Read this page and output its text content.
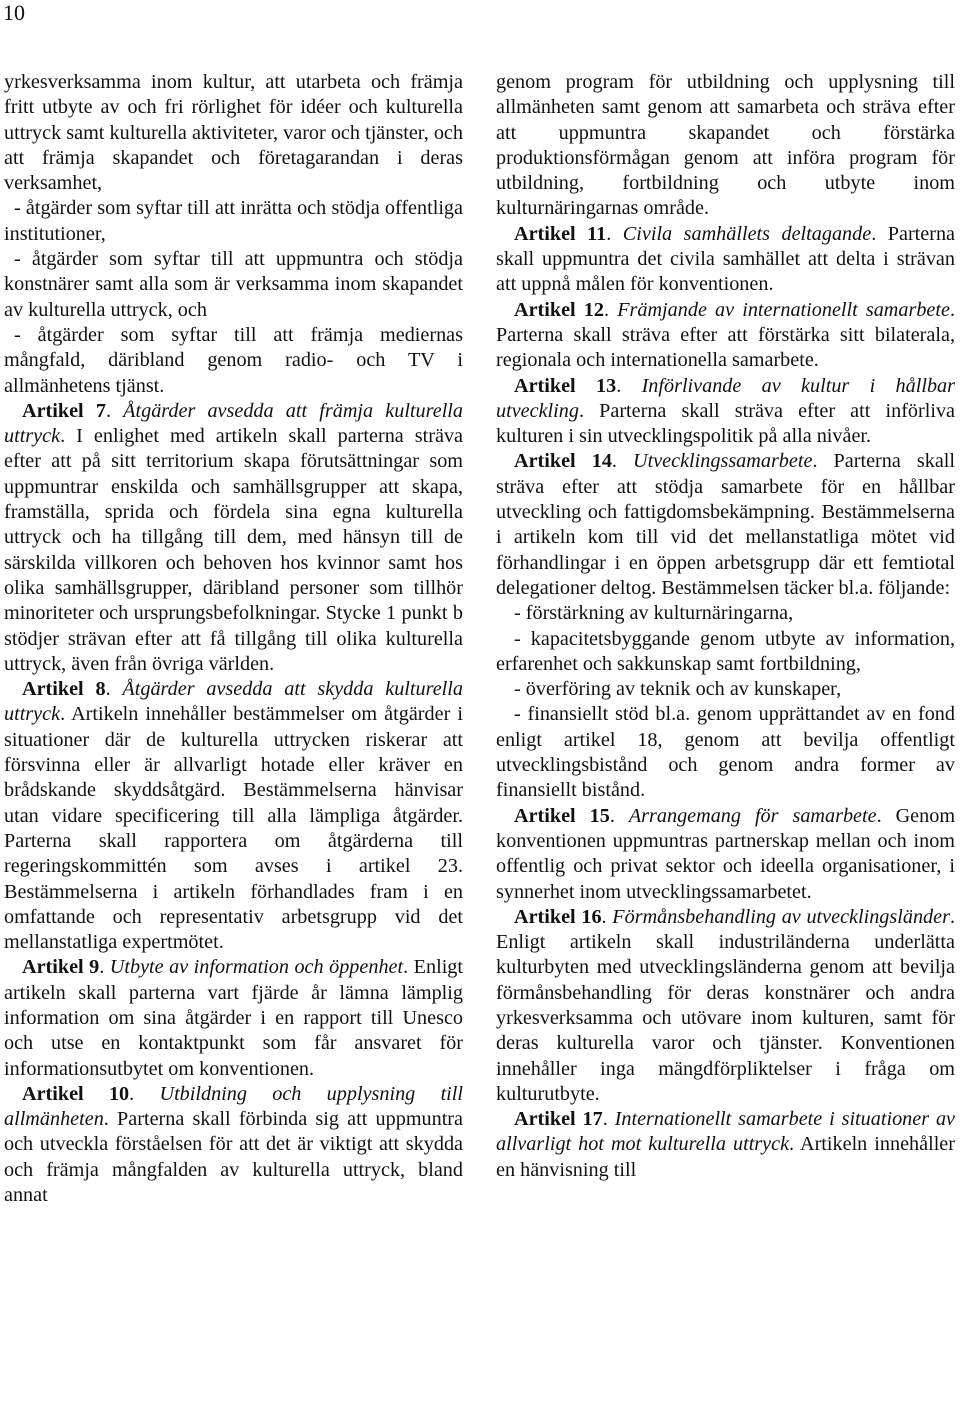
10

yrkesverksamma inom kultur, att utarbeta och främja fritt utbyte av och fri rörlighet för idéer och kulturella uttryck samt kulturella aktiviteter, varor och tjänster, och att främja skapandet och företagarandan i deras verksamhet,

- åtgärder som syftar till att inrätta och stödja offentliga institutioner,

- åtgärder som syftar till att uppmuntra och stödja konstnärer samt alla som är verksamma inom skapandet av kulturella uttryck, och

- åtgärder som syftar till att främja mediernas mångfald, däribland genom radio- och TV i allmänhetens tjänst.

Artikel 7. Åtgärder avsedda att främja kulturella uttryck. I enlighet med artikeln skall parterna sträva efter att på sitt territorium skapa förutsättningar som uppmuntrar enskilda och samhällsgrupper att skapa, framställa, sprida och fördela sina egna kulturella uttryck och ha tillgång till dem, med hänsyn till de särskilda villkoren och behoven hos kvinnor samt hos olika samhällsgrupper, däribland personer som tillhör minoriteter och ursprungsbefolkningar. Stycke 1 punkt b stödjer strävan efter att få tillgång till olika kulturella uttryck, även från övriga världen.

Artikel 8. Åtgärder avsedda att skydda kulturella uttryck. Artikeln innehåller bestämmelser om åtgärder i situationer där de kulturella uttrycken riskerar att försvinna eller är allvarligt hotade eller kräver en brådskande skyddsåtgärd. Bestämmelserna hänvisar utan vidare specificering till alla lämpliga åtgärder. Parterna skall rapportera om åtgärderna till regeringskommittén som avses i artikel 23. Bestämmelserna i artikeln förhandlades fram i en omfattande och representativ arbetsgrupp vid det mellanstatliga expertmötet.

Artikel 9. Utbyte av information och öppenhet. Enligt artikeln skall parterna vart fjärde år lämna lämplig information om sina åtgärder i en rapport till Unesco och utse en kontaktpunkt som får ansvaret för informationsutbytet om konventionen.

Artikel 10. Utbildning och upplysning till allmänheten. Parterna skall förbinda sig att uppmuntra och utveckla förståelsen för att det är viktigt att skydda och främja mångfalden av kulturella uttryck, bland annat

genom program för utbildning och upplysning till allmänheten samt genom att samarbeta och sträva efter att uppmuntra skapandet och förstärka produktionsförmågan genom att införa program för utbildning, fortbildning och utbyte inom kulturnäringarnas område.

Artikel 11. Civila samhällets deltagande. Parterna skall uppmuntra det civila samhället att delta i strävan att uppnå målen för konventionen.

Artikel 12. Främjande av internationellt samarbete. Parterna skall sträva efter att förstärka sitt bilaterala, regionala och internationella samarbete.

Artikel 13. Införlivande av kultur i hållbar utveckling. Parterna skall sträva efter att införliva kulturen i sin utvecklingspolitik på alla nivåer.

Artikel 14. Utvecklingssamarbete. Parterna skall sträva efter att stödja samarbete för en hållbar utveckling och fattigdomsbekämpning. Bestämmelserna i artikeln kom till vid det mellanstatliga mötet vid förhandlingar i en öppen arbetsgrupp där ett femtiotal delegationer deltog. Bestämmelsen täcker bl.a. följande:

- förstärkning av kulturnäringarna,

- kapacitetsbyggande genom utbyte av information, erfarenhet och sakkunskap samt fortbildning,

- överföring av teknik och av kunskaper,

- finansiellt stöd bl.a. genom upprättandet av en fond enligt artikel 18, genom att bevilja offentligt utvecklingsbistånd och genom andra former av finansiellt bistånd.

Artikel 15. Arrangemang för samarbete. Genom konventionen uppmuntras partnerskap mellan och inom offentlig och privat sektor och ideella organisationer, i synnerhet inom utvecklingssamarbetet.

Artikel 16. Förmånsbehandling av utvecklingsländer. Enligt artikeln skall industriländerna underlätta kulturbyten med utvecklingsländerna genom att bevilja förmånsbehandling för deras konstnärer och andra yrkesverksamma och utövare inom kulturen, samt för deras kulturella varor och tjänster. Konventionen innehåller inga mängdförpliktelser i fråga om kulturutbyte.

Artikel 17. Internationellt samarbete i situationer av allvarligt hot mot kulturella uttryck. Artikeln innehåller en hänvisning till
